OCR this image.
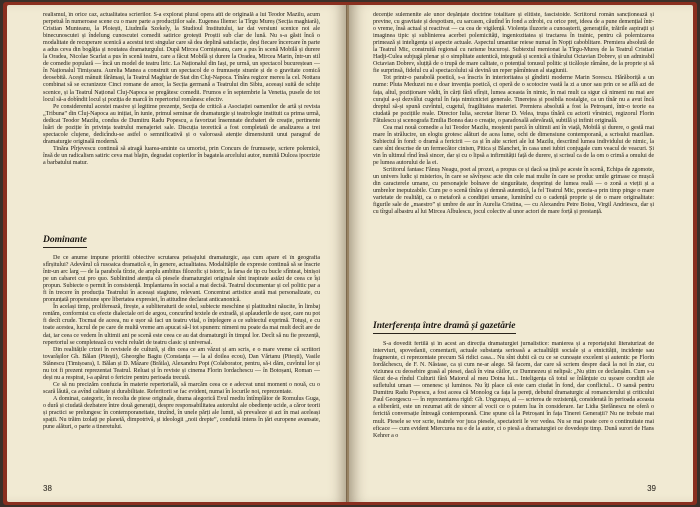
realismul, în orice caz, actualitatea scrierilor. S-a explorat plural opera atît de originală a lui Teodor Mazilu, acum perpetuă în numeroase scene cu o mare parte a producțiilor sale. Eugenea Ilieme: la Tîrgu Mureș (Secția maghiară), Cristian Munteanu, la Ploiești, Liudmila Szekely, la Studioul Institutului, iar dat versiuni scenice noi ale binecunoscutei și îndelung cunoscutei comedii satirice grotești Proștii sub clar de lună. Nu s-a găsit încă o modalitate de recuperare scenică a acestui text singular care să dea deplină satisfacție, deși fiecare încercare în parte a adus ceva din bogăția și noutatea dramaturgului. După Mircea Cornișteanu, care a pus în scenă Mobilă și durere la Oradea, Nicolae Scarlat a pus în scenă teatru, care a făcut Mobilă și durere la Oradea, Mircea Marin, într-un stil de comedie populară — încă un model de teatru liric. La Naționalul din Iași, pe urmă, un spectacol bucureștean — în Naționalul Timișoara. Aurelia Manea a construit un spectacol de o frumusețe stranie și de o gravitate comică deosebită. Acești mânuit fărămași, la Teatrul Maghiar de Stat din Cluj-Napoca. Tînăra regizor mereu la cel. Nottara combinat să se ecranizeze Cinci romane de amor, la Secția germană a Teatrului din Sibiu, aceeași suită de schițe scenice, și la Teatrul Național Cluj-Napoca se pregătesc comedii. Frumos e în septembrie la Venetia, pusele de tot locul să-a dobîndit locul și poziția de marcă în repertoriul românesc efectiv.

Pe considerentul acestei masive și legitime prezențe, Secția de critică a Asociației oamenilor de artă și revista „Tribuna” din Cluj-Napoca au inițiat, în iunie, primul seminar de dramaturgie și teatrologie instituit ca prima urmă, dedicat Teodor Mazilu, condus de Dumitru Radu Popescu, a favorizat însemnate dezbateri de creație, pertinente luări de poziție în privința teatrului menajeriei sale. Discuția teoretică a fost completată de analizarea a trei spectacole clujene, dedicîndu-se astfel o semnificativă și o valoroasă atenție dimensiunii unui paragraf de dramaturgie originală modernă.

Tinăra Pîrjevescu continuă să atragă luarea-aminte ca umorist, prin Concurs de frumusețe, scriere polemică, însă de un radicalism satiric ceva mai blajin, degradat copierilor în bagatela arcelului autor, numită Dulcea ipocrizie a barbatului matur.

Dominante

De ce anume impune prioritii obiective scrutarea peisajului dramaturgic, așa cum apare el în geografia sfîrșitului? Adevărul că rusoaica dramatică e, în genere, actualitatea. Modalitățile de expresie continuă să se înscrie într-un arc larg — de la parabola tîrzie, de amplu ambitus filozofic și istoric, la farsa de tip cu bucle sfînteat, binișoi pe un cabaret cui pro quo. Subliniind atenția că piesele dramaturgiei originale sînt inspirate astăzi de ceea ce își propun. Subiecte o permit în consistență. Implantarea în social a mai decisă. Teatrul documentar și cel politic par a fi în trecere în producția Teatrului în aceeași stagiune, relevant. Concentrat artistice arată mai personalizate, cu pronunțată propensiune spre libertatea expresiei, în atitudine declarat anticanonică.

În același timp, proliferează, firește, a subliteraturii de soiul, subiecte meschine și platitudini năucite, în limbaj rentăm, conformist cu efecte dialectale ori de argou, concurînd textele de extradă, și aplauderile de ușor, care nu pot fi decît crude. Tocmai de aceea, nu e ușor să faci un teatru vital, o înțelegere a ce subiectul exprimă. Totuși, e cu toate acestea, lucrul de pe care de multă vreme am apucat să-l tot spunem: nimeni nu poate da mai mult decît are de dat, iar ceea ce vedem în ultimii ani pe scenă este ceea ce au dat dramaturgii în timpul lor. Decît să nu fie prezență, repertoriul se completează cu vechi reluări de teatru clasic și universal.

Din realitățile crizei în revistele de cultură, și din ceea ce am văzut și am scris, e o mare vreme că scriitori tovarășilor Gh. Bălan (Pitești), Gheorghe Bagiu (Constanța — la al doilea ecou), Dan Vărtanu (Pitești), Vasile Stănescu (Timișoara), I. Bălan și D. Mâzare (Brăila), Alexandru Popi (Colaborator, pentru, să-i dăm, cuvîntul lor și nu tot fi prezent reprezentat Teatrul. Reluat și în reviste și cinema Florin Iordachescu — în Botoșani, Roman — deși nu a respirat, i-a apărut o fericire pentru perioada trecută.

Ce să nu precizăm confuzia în materie repertorială, să marcăm ceea ce e adecvat unui moment o nouă, cu o scară lăută, ca avînd calitate și durabilitate. Referitorii se fac evident, numai în locurile noi, reprezentate.

A dominat, categoric, în recolta de piese originale, drama alegorică Evul mediu întîmplător de Romulus Guga, o dură și ciudată dezbatere între două generații, despre responsabilitatea autorului ale obediențe ucide, a căror teorii și practici se prelungesc în contemporaneitate, tinzînd, în unele părți ale lumii, să prevaleze și azi în mai aceleași spații. Nu trăim izolați pe planetă, dimpotrivă, și ideologii „noii drepte”, conduită intens în țări europene avansate, pune alături, o parte a tineretului.

38

decenție sulemenite ale unor deșănțate doctrine totalitare și elitiste, fascistoide. Scriitorul român sancționează și previne, cu gravitate și despotism, cu sarcasm, căutînd în fond a zdrobi, cu orice preț, ideea de a pune demențial într-o vreme, însă actual și reactivat — ca cea de vigilență. Violența iluzorie a cunoașterii, generațiile, trăirile aspirații și imaginea tipic și sublinierea acerbei polemicități, ingeniozitatea și tractarea în trainic, pentru că polemizarea primează și inteligența și aspecte actuale. Aspectul umanitar reiese numai în Nopți caboblitare. Premiera absolută de la Teatrul Mic, construită regional cu rarisme bucuroși. Subtextul menionat la Tîrgu-Mureș de la Teatrul Cristian Hadji-Culea subjugă plenar și o simplitate autentică, integrată și scenică a tînărului Octavian Dobrev, și un admirabil Octavian Dobrev, sluțiță de o trupă de mare calitate, o potențial tonusul politic și ticăloșie rămâne, de la proprie și să fie surprinsă, fidelul cu al spectacolului să devină un reper pămîntean al stagiunii.

Tot printr-o parabolă poetică, s-a înscris în interioritatea și gîndirii moderne Marin Sorescu. Hărăboriță a un nume: Pluta Meduzei nu e doar invenția poetică, ci operă de o scotocire vastă la zi a unor sau prin ce se află azi de fața, altul, poziționare vădit, în cărți fără sfîrșit, lumea aceasta în nimic, în mai mult ca sigur că nimeni nu mai are curajul a-și dezvălui cugetul în fața nimicniciei generale. Tinerețea și posibila nostalgie, ca un tînăr nu a avut încă dreptul să-și spună cuvîntul, cugetul, fragilitatea materiei. Premiera absolută a fost la Petroșani, într-o teorie ea ciudată pe pozițiile reale. Director Iulia, secretar literar D. Velea, trupa tînără cu actorii vîrstnici, regizorul Florin Fătulescu și scenografa Emilia Bonea dau o creație, o paradoxală adevărată, subtilă și infinit originală.

Cea mai nouă comedie a lui Teodor Mazilu, moștenit parcă în ultimii ani în viață, Mobilă și durere, o gestă mai mare în strălucire, un elogiu grotesc alături de acea lume, ochi de dimensiune contemporană, a scrisului mazilian. Subiectul în fond: o dramă a fericirii — ca și în alte scrieri ale lui Mazilu, descriind lumea individului de nimic, la care sînt descrise de un fermecător cinism, Pitica și Blanchet, în casa unei iubiri conjugale cum veacul de veacuri. Și vin în ultimul rînd însă sincer, dar și cu o lipsă a infirmității față de durere, și scrisul ca de la om o crimă a omului de pe lumea autorului de la ei.

Scriitorul fantasc Fănuș Neagu, poet al prozei, a propus ce și dacă sa țină pe aceste în scenă, Echipa de zgomote, un univers ludic și misterios, în care se săvîrșesc acte din cele mai multe în care se produc umile grimase ce mușcă din caracterele umane, cu personajele bolnave de singurătate, desprinși de lumea reală — o zonă a vieții și a umbrelor inepuizabile. Cum pe o scenă tînăra și demnă autentică, la fel Teatrul Mic, poezia-a prin timp pinge o mare varietate de realități, ca o metaforă a condiției umane, luminînd cu o cadență proprie și de o mare originalitate: figurile sale de „maestro” și umbre de aur în Aurelia Cristina, — cu Alexandru Petre Boisu, Virgil Andriescu, dar și cu tîrgul albastru al lui Mircea Albulescu, jocul colectiv al unor actori de mare forță și prestanță.

Interferența între dramă și gazetărie

S-a dovedit fertilă și în acest an direcția dramaturgiei jurnalistice: manierea și a reportajului literaturizat de interviuri, spovedanii, comentarii, actuale substanța serioasă a actualității sociale și a etnicității, incidențe sau fragmente, ci reprezentate precum Să ridici casa... Nu sînt dubii că cu ce se cunoaște excelent și autentic pe Florin Iordăchescu, de F. N. Năstase, ca și cum ne-ar alege. Să facem, dar care să scriem despre dacă la noi în ziar, cu viziunea cu deosebire grasă al piesei, dacă în vina căilor, ce Dumnezeu și nelipsă: „Nu știm ce declanșăm. Cum s-a făcut de-a rîndul Culturii fără Maiorul al meu Doina lui... Inteligența că totul se înlănțuie cu ușoare condiții ale sufletului uman — omenesc și luminos. Nu îți place că este cam ciudat în fond, dar conflictul... O sansă pentru Dumitru Radu Popescu, a fost aceea că Monolog ca fața la pereți, debutul dramaturgic al romancierului și criticului Paul Georgescu — în reprezentarea rigid: Gh. Ungurașu, al — scrierea de rezistență, considerată în perioada aceasta a eliberării, este un rezumat atît de sincer al vocii ce o putem lua în considerare. Iar Lidia Ștefănescu ne oferă o fericită conversație întreagă contemporană. Cine spune că la Petroșani în fața Tinerei Generații? Nu ne trebuie mai mult. Piesele se vor scrie, teatrele vor juca piesele, spectatorii le vor vedea. Nu se mai poate cere o continuitate mai eficace — cum evident Miercurea nu e de la autor, ci o piesă a dramaturgiei ce dovedește timp. Dună surori de Hans Kehrer a o

39
